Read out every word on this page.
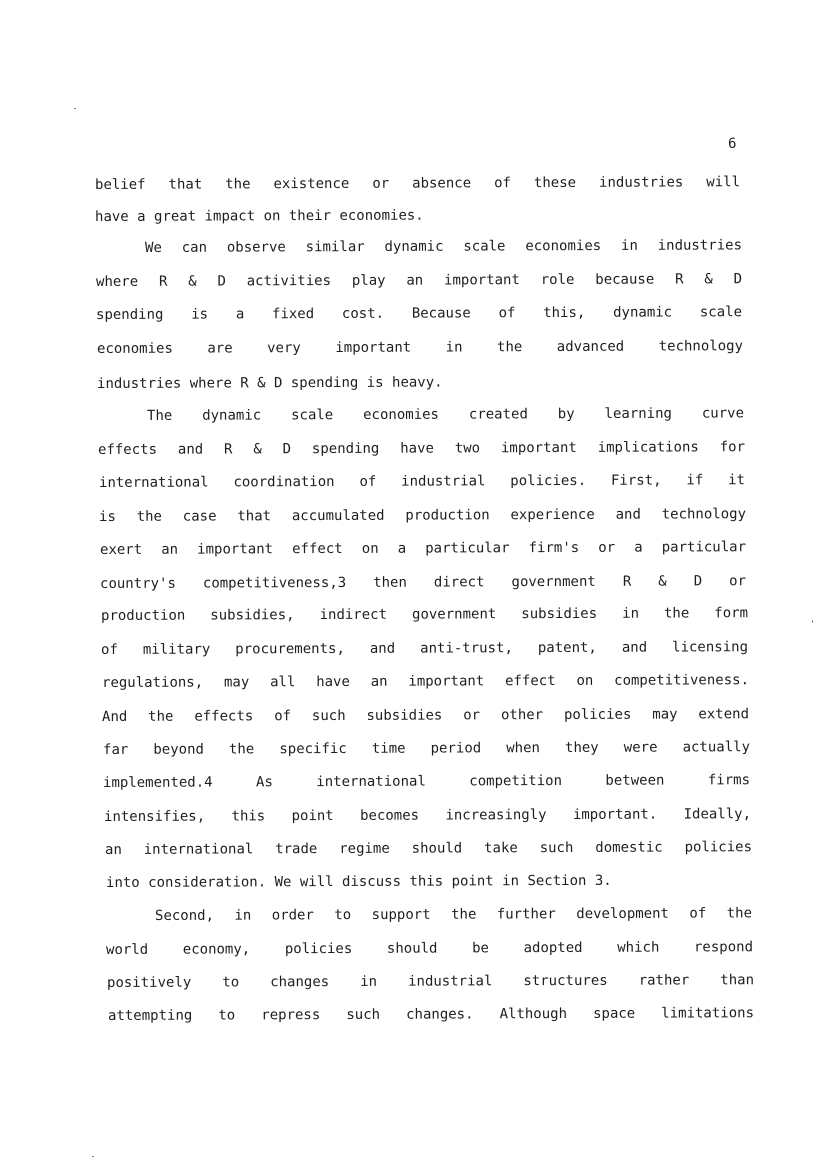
6
belief that the existence or absence of these industries will
have a great impact on their economies.
We can observe similar dynamic scale economies in industries
where R & D activities play an important role because R & D
spending is a fixed cost. Because of this, dynamic scale
economies are very important in the advanced technology
industries where R & D spending is heavy.
The dynamic scale economies created by learning curve
effects and R & D spending have two important implications for
international coordination of industrial policies. First, if it
is the case that accumulated production experience and technology
exert an important effect on a particular firm's or a particular
country's competitiveness,3 then direct government R & D or
production subsidies, indirect government subsidies in the form
of military procurements, and anti-trust, patent, and licensing
regulations, may all have an important effect on competitiveness.
And the effects of such subsidies or other policies may extend
far beyond the specific time period when they were actually
implemented.4 As international competition between firms
intensifies, this point becomes increasingly important. Ideally,
an international trade regime should take such domestic policies
into consideration. We will discuss this point in Section 3.
Second, in order to support the further development of the
world economy, policies should be adopted which respond
positively to changes in industrial structures rather than
attempting to repress such changes. Although space limitations
